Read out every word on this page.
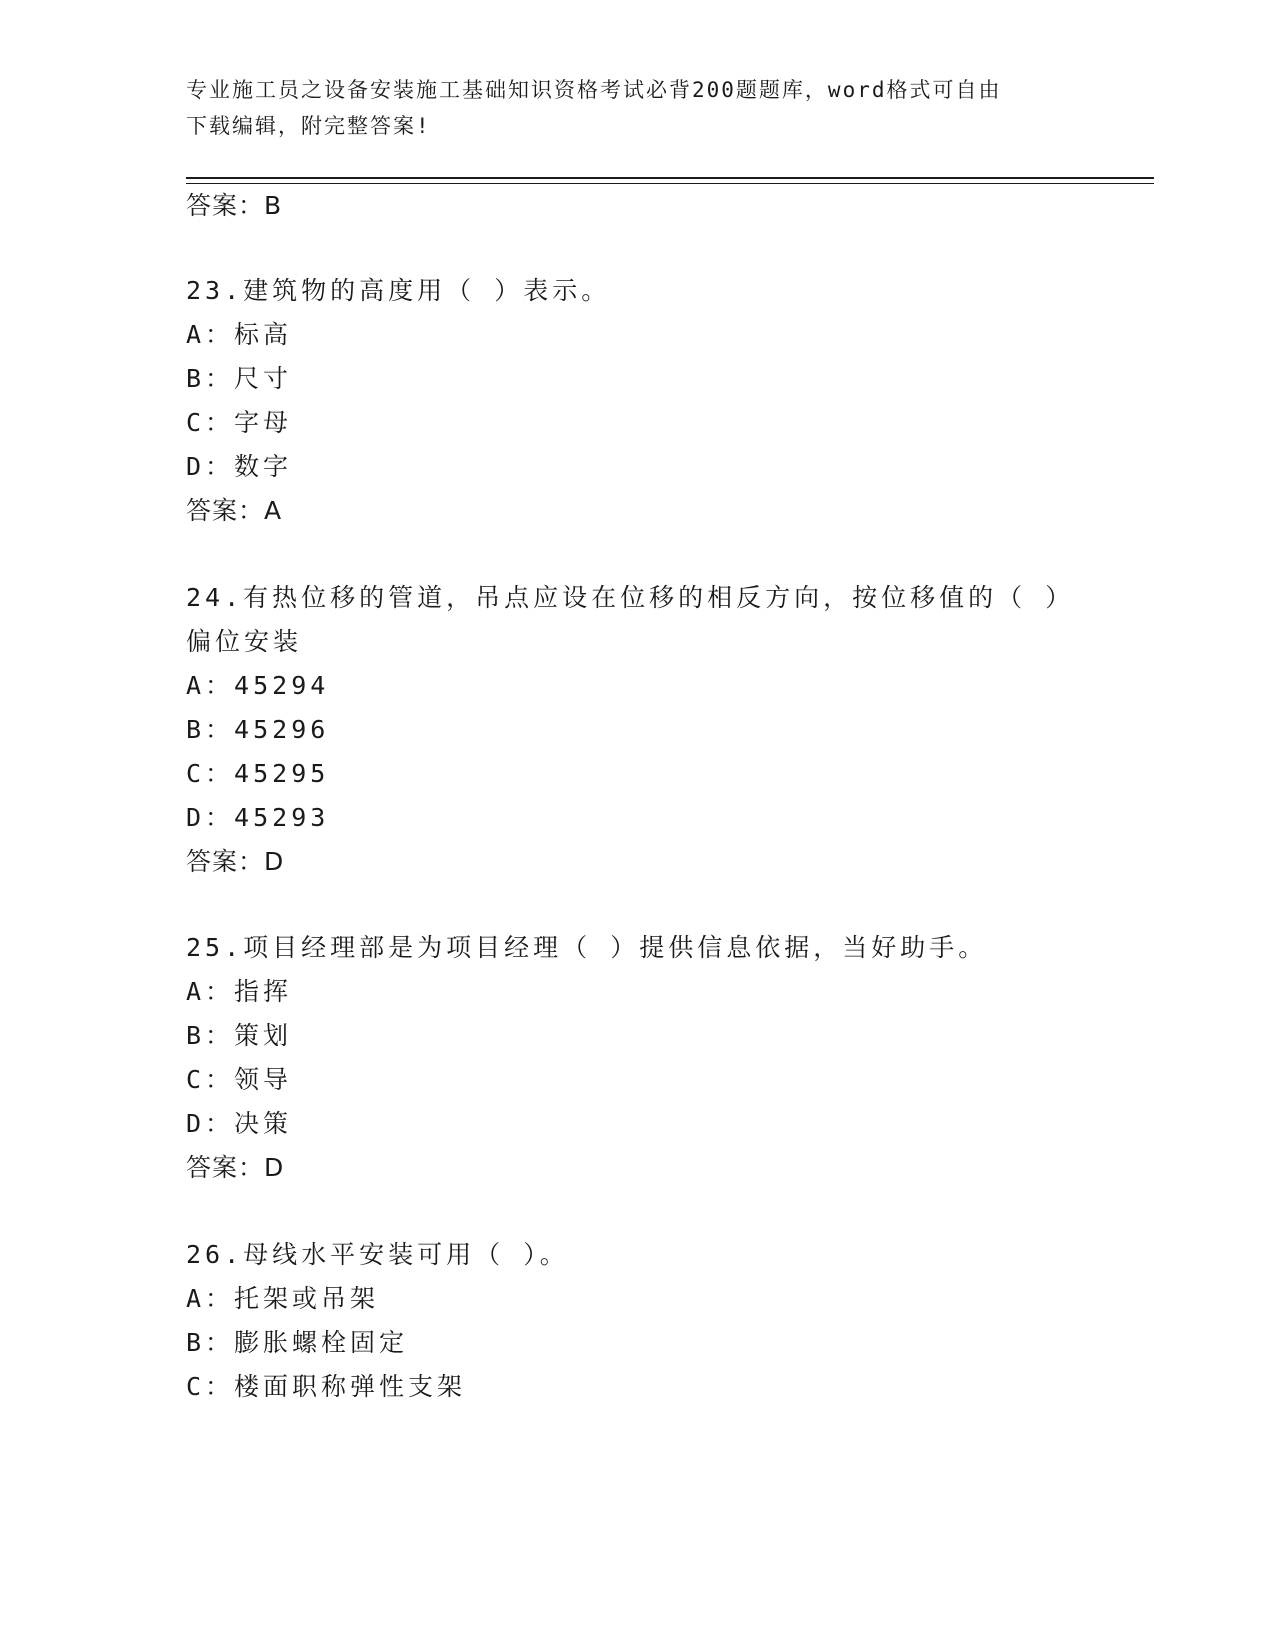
专业施工员之设备安装施工基础知识资格考试必背200题题库，word格式可自由
下载编辑，附完整答案!
答案：B
23.建筑物的高度用（ ）表示。
A：标高
B：尺寸
C：字母
D：数字
答案：A
24.有热位移的管道，吊点应设在位移的相反方向，按位移值的（ ）
偏位安装
A：45294
B：45296
C：45295
D：45293
答案：D
25.项目经理部是为项目经理（ ）提供信息依据，当好助手。
A：指挥
B：策划
C：领导
D：决策
答案：D
26.母线水平安装可用（ ）。
A：托架或吊架
B：膨胀螺栓固定
C：楼面职称弹性支架
